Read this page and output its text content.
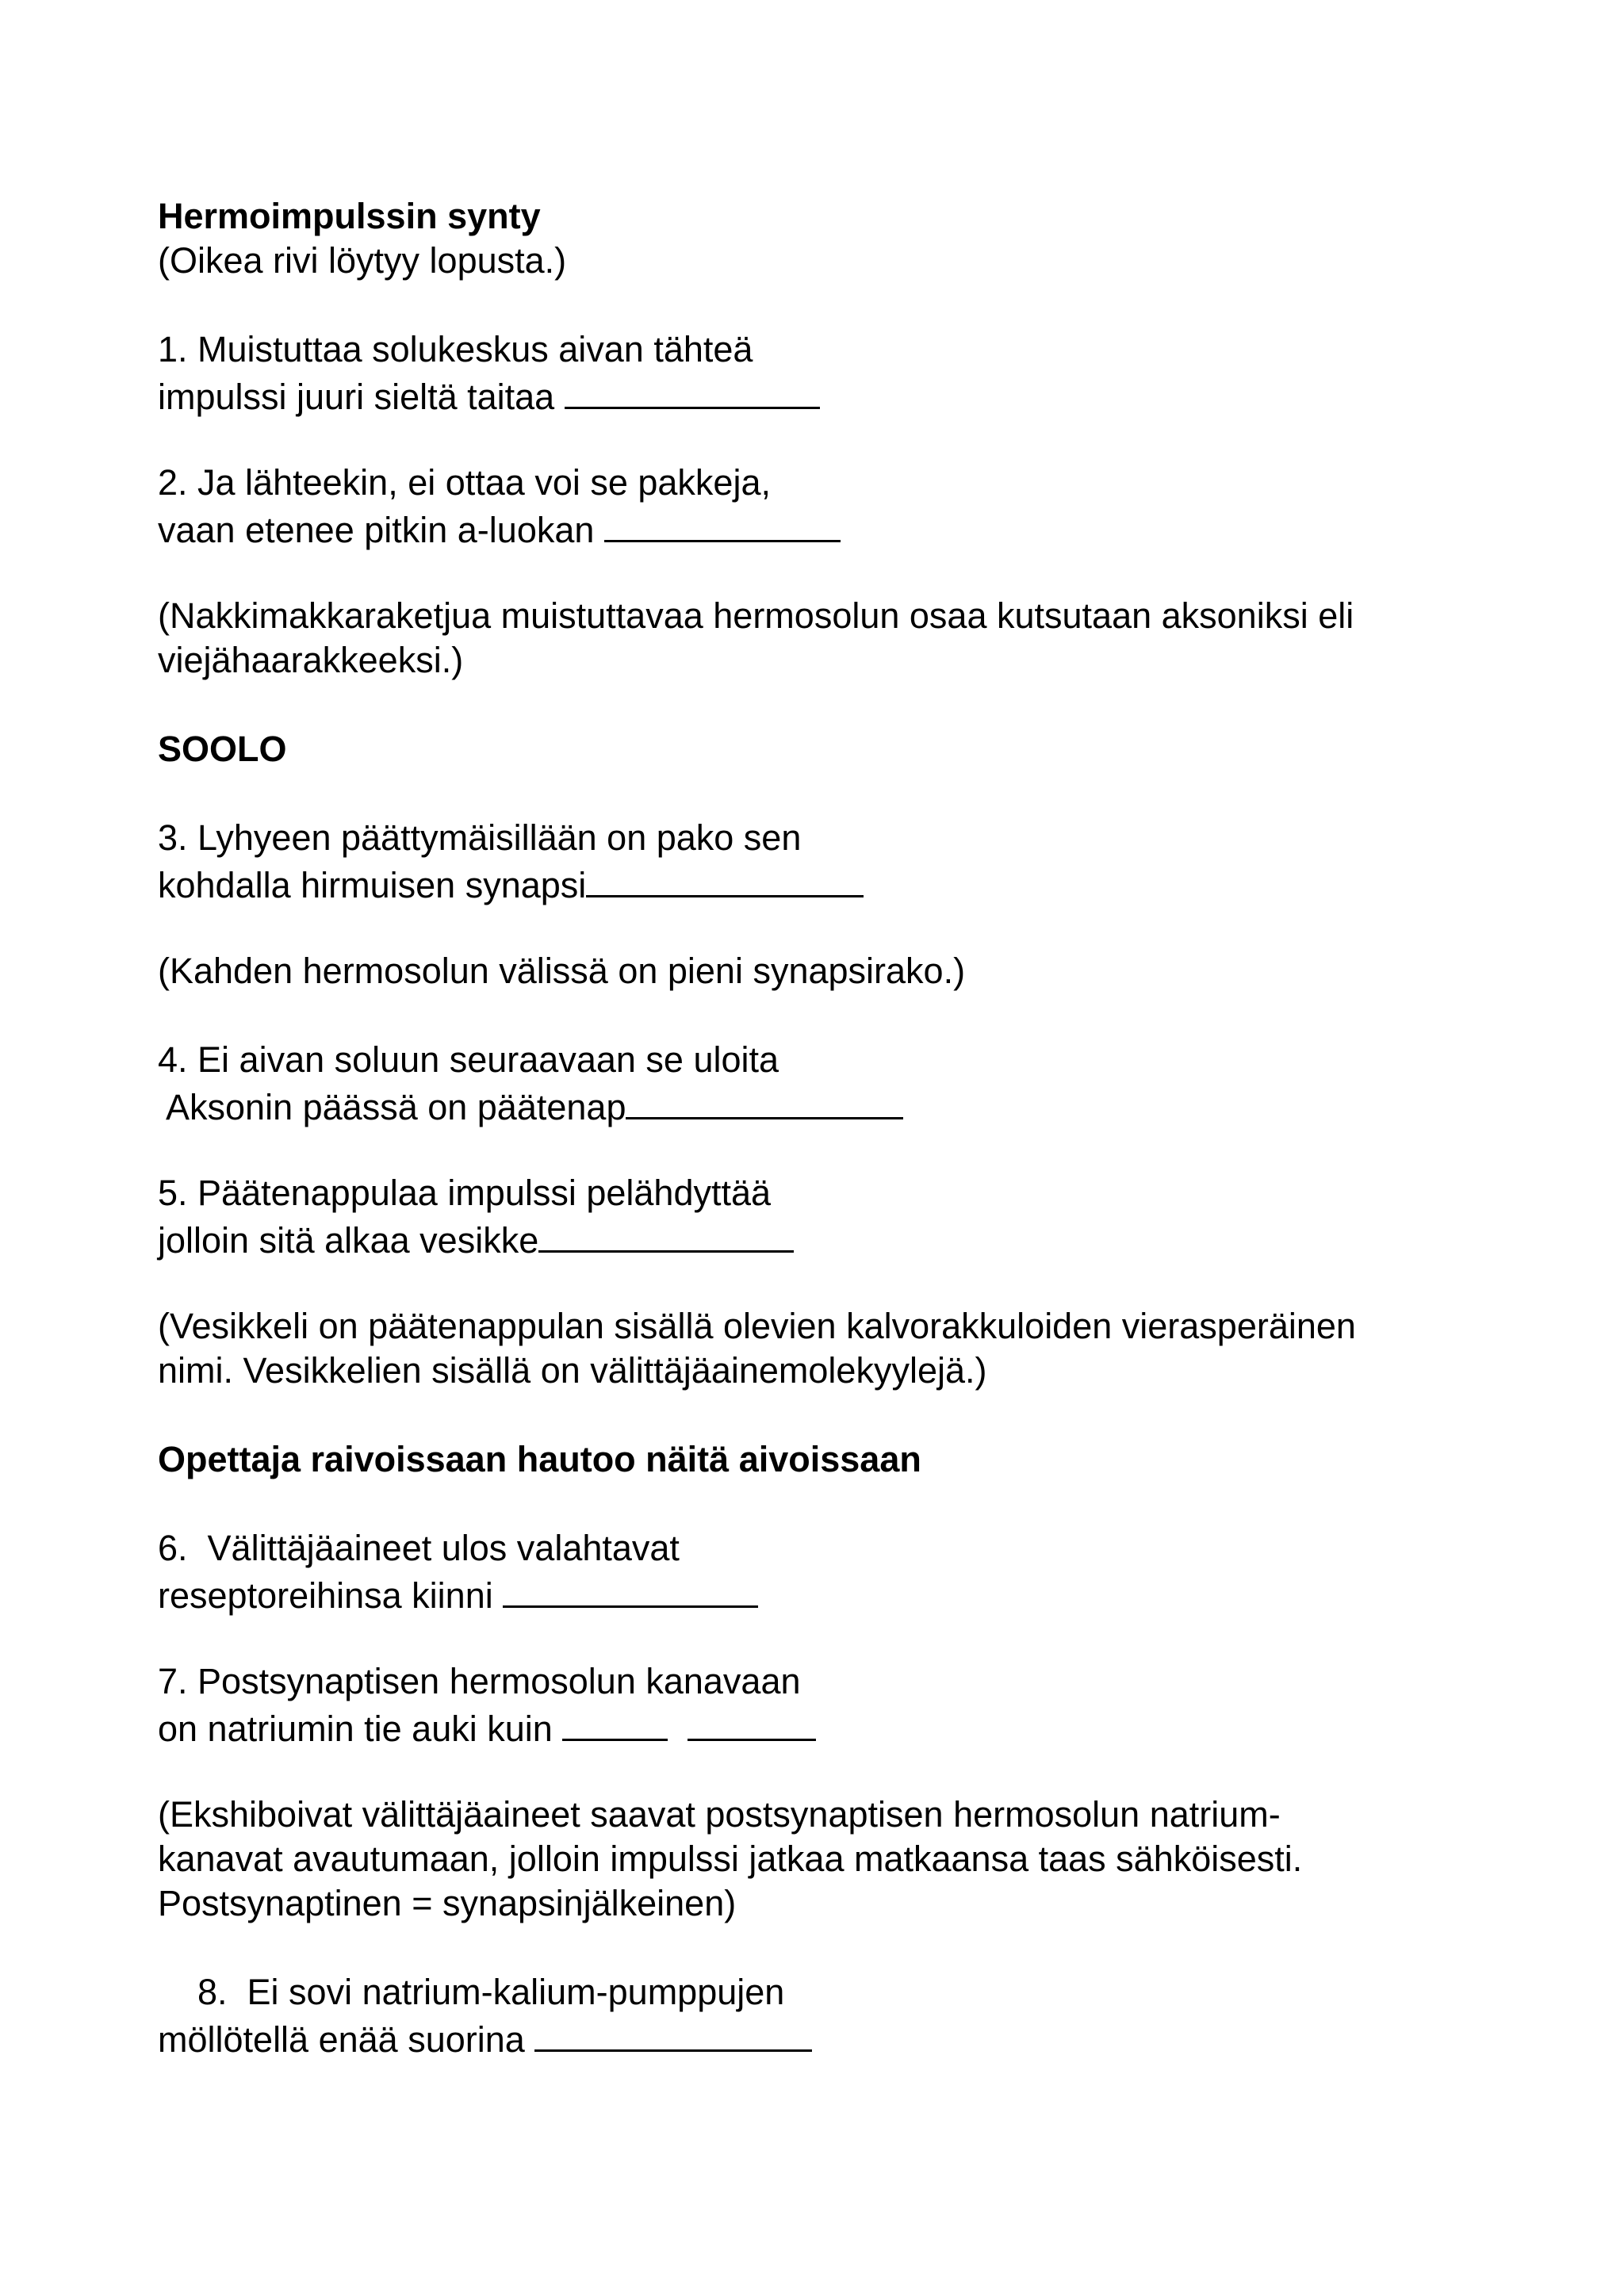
Hermoimpulssin synty
(Oikea rivi löytyy lopusta.)
1. Muistuttaa solukeskus aivan tähteä
impulssi juuri sieltä taitaa
2. Ja lähteekin, ei ottaa voi se pakkeja,
vaan etenee pitkin a-luokan
(Nakkimakkaraketjua muistuttavaa hermosolun osaa kutsutaan aksoniksi eli
viejähaarakkeeksi.)
SOOLO
3. Lyhyeen päättymäisillään on pako sen
kohdalla hirmuisen synapsi
(Kahden hermosolun välissä on pieni synapsirako.)
4. Ei aivan soluun seuraavaan se uloita
Aksonin päässä on päätenap
5. Päätenappulaa impulssi pelähdyttää
jolloin sitä alkaa vesikke
(Vesikkeli on päätenappulan sisällä olevien kalvorakkuloiden vierasperäinen
nimi. Vesikkelien sisällä on välittäjäainemolekyylejä.)
Opettaja raivoissaan hautoo näitä aivoissaan
6.  Välittäjäaineet ulos valahtavat
reseptoreihinsa kiinni
7. Postsynaptisen hermosolun kanavaan
on natriumin tie auki kuin
(Ekshiboivat välittäjäaineet saavat postsynaptisen hermosolun natrium-
kanavat avautumaan, jolloin impulssi jatkaa matkaansa taas sähköisesti.
Postsynaptinen = synapsinjälkeinen)
8.  Ei sovi natrium-kalium-pumppujen
möllötellä enää suorina
